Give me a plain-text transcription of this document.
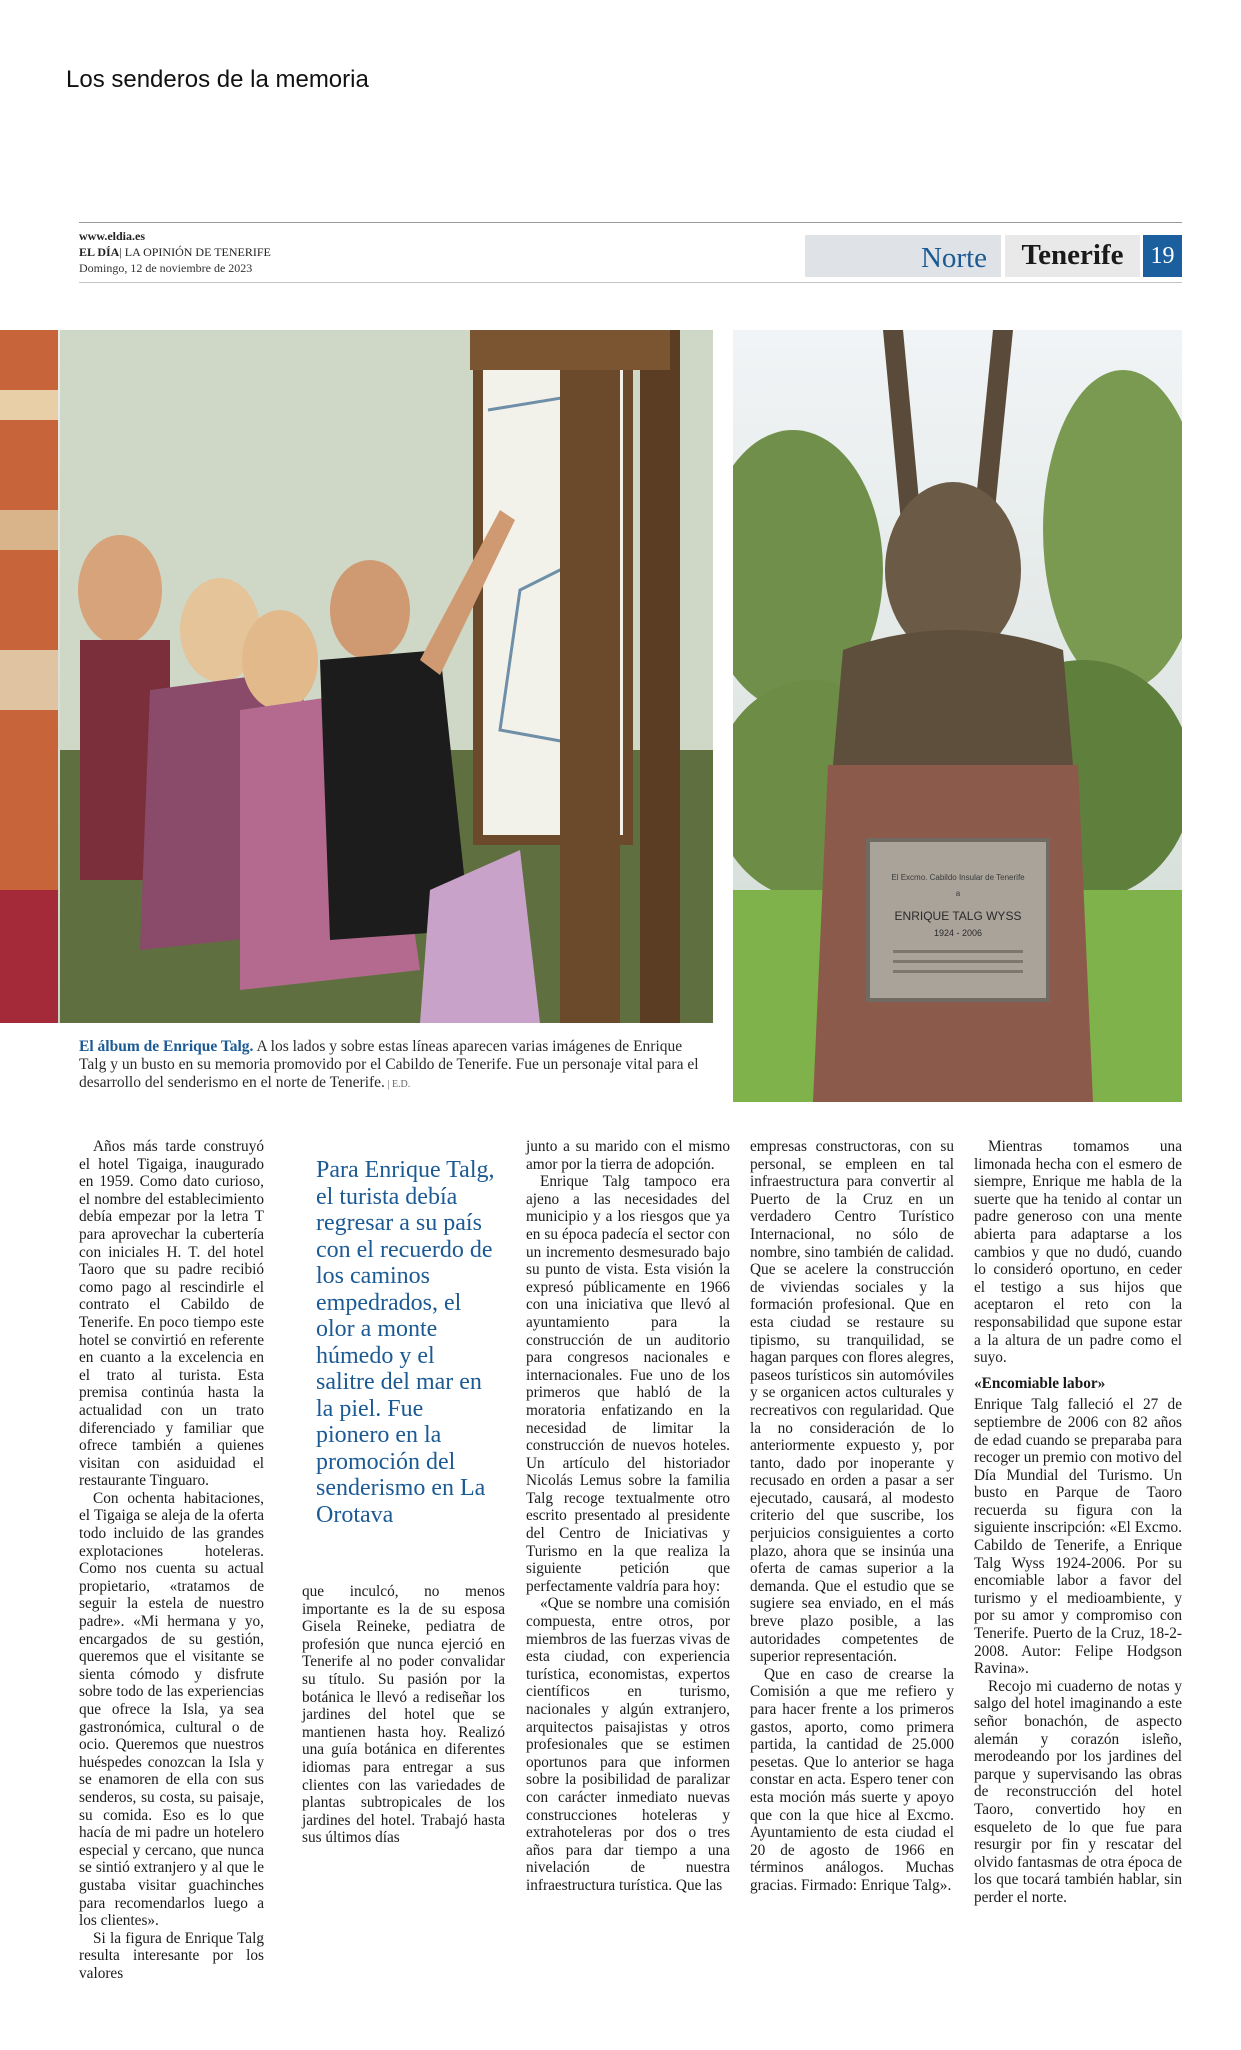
Los senderos de la memoria
www.eldia.es
EL DÍA| LA OPINIÓN DE TENERIFE
Domingo, 12 de noviembre de 2023	Norte	Tenerife	19
El Excmo. Cabildo Insular de Tenerife
a
ENRIQUE TALG WYSS
1924 - 2006
El álbum de Enrique Talg. A los lados y sobre estas líneas aparecen varias imágenes de Enrique Talg y un busto en su memoria promovido por el Cabildo de Tenerife. Fue un personaje vital para el desarrollo del senderismo en el norte de Tenerife. | E.D.

Años más tarde construyó el hotel Tigaiga, inaugurado en 1959. Como dato curioso, el nombre del establecimiento debía empezar por la letra T para aprovechar la cubertería con iniciales H. T. del hotel Taoro que su padre recibió como pago al rescindirle el contrato el Cabildo de Tenerife. En poco tiempo este hotel se convirtió en referente en cuanto a la excelencia en el trato al turista. Esta premisa continúa hasta la actualidad con un trato diferenciado y familiar que ofrece también a quienes visitan con asiduidad el restaurante Tinguaro.

Con ochenta habitaciones, el Tigaiga se aleja de la oferta todo incluido de las grandes explotaciones hoteleras. Como nos cuenta su actual propietario, «tratamos de seguir la estela de nuestro padre». «Mi hermana y yo, encargados de su gestión, queremos que el visitante se sienta cómodo y disfrute sobre todo de las experiencias que ofrece la Isla, ya sea gastronómica, cultural o de ocio. Queremos que nuestros huéspedes conozcan la Isla y se enamoren de ella con sus senderos, su costa, su paisaje, su comida. Eso es lo que hacía de mi padre un hotelero especial y cercano, que nunca se sintió extranjero y al que le gustaba visitar guachinches para recomendarlos luego a los clientes».

Si la figura de Enrique Talg resulta interesante por los valores

Para Enrique Talg, el turista debía regresar a su país con el recuerdo de los caminos empedrados, el olor a monte húmedo y el salitre del mar en la piel. Fue pionero en la promoción del senderismo en La Orotava

que inculcó, no menos importante es la de su esposa Gisela Reineke, pediatra de profesión que nunca ejerció en Tenerife al no poder convalidar su título. Su pasión por la botánica le llevó a rediseñar los jardines del hotel que se mantienen hasta hoy. Realizó una guía botánica en diferentes idiomas para entregar a sus clientes con las variedades de plantas subtropicales de los jardines del hotel. Trabajó hasta sus últimos días

junto a su marido con el mismo amor por la tierra de adopción.

Enrique Talg tampoco era ajeno a las necesidades del municipio y a los riesgos que ya en su época padecía el sector con un incremento desmesurado bajo su punto de vista. Esta visión la expresó públicamente en 1966 con una iniciativa que llevó al ayuntamiento para la construcción de un auditorio para congresos nacionales e internacionales. Fue uno de los primeros que habló de la moratoria enfatizando en la necesidad de limitar la construcción de nuevos hoteles. Un artículo del historiador Nicolás Lemus sobre la familia Talg recoge textualmente otro escrito presentado al presidente del Centro de Iniciativas y Turismo en la que realiza la siguiente petición que perfectamente valdría para hoy:

«Que se nombre una comisión compuesta, entre otros, por miembros de las fuerzas vivas de esta ciudad, con experiencia turística, economistas, expertos científicos en turismo, nacionales y algún extranjero, arquitectos paisajistas y otros profesionales que se estimen oportunos para que informen sobre la posibilidad de paralizar con carácter inmediato nuevas construcciones hoteleras y extrahoteleras por dos o tres años para dar tiempo a una nivelación de nuestra infraestructura turística. Que las

empresas constructoras, con su personal, se empleen en tal infraestructura para convertir al Puerto de la Cruz en un verdadero Centro Turístico Internacional, no sólo de nombre, sino también de calidad. Que se acelere la construcción de viviendas sociales y la formación profesional. Que en esta ciudad se restaure su tipismo, su tranquilidad, se hagan parques con flores alegres, paseos turísticos sin automóviles y se organicen actos culturales y recreativos con regularidad. Que la no consideración de lo anteriormente expuesto y, por tanto, dado por inoperante y recusado en orden a pasar a ser ejecutado, causará, al modesto criterio del que suscribe, los perjuicios consiguientes a corto plazo, ahora que se insinúa una oferta de camas superior a la demanda. Que el estudio que se sugiere sea enviado, en el más breve plazo posible, a las autoridades competentes de superior representación.

Que en caso de crearse la Comisión a que me refiero y para hacer frente a los primeros gastos, aporto, como primera partida, la cantidad de 25.000 pesetas. Que lo anterior se haga constar en acta. Espero tener con esta moción más suerte y apoyo que con la que hice al Excmo. Ayuntamiento de esta ciudad el 20 de agosto de 1966 en términos análogos. Muchas gracias. Firmado: Enrique Talg».

Mientras tomamos una limonada hecha con el esmero de siempre, Enrique me habla de la suerte que ha tenido al contar un padre generoso con una mente abierta para adaptarse a los cambios y que no dudó, cuando lo consideró oportuno, en ceder el testigo a sus hijos que aceptaron el reto con la responsabilidad que supone estar a la altura de un padre como el suyo.

«Encomiable labor»

Enrique Talg falleció el 27 de septiembre de 2006 con 82 años de edad cuando se preparaba para recoger un premio con motivo del Día Mundial del Turismo. Un busto en Parque de Taoro recuerda su figura con la siguiente inscripción: «El Excmo. Cabildo de Tenerife, a Enrique Talg Wyss 1924-2006. Por su encomiable labor a favor del turismo y el medioambiente, y por su amor y compromiso con Tenerife. Puerto de la Cruz, 18-2-2008. Autor: Felipe Hodgson Ravina».

Recojo mi cuaderno de notas y salgo del hotel imaginando a este señor bonachón, de aspecto alemán y corazón isleño, merodeando por los jardines del parque y supervisando las obras de reconstrucción del hotel Taoro, convertido hoy en esqueleto de lo que fue para resurgir por fin y rescatar del olvido fantasmas de otra época de los que tocará también hablar, sin perder el norte.
